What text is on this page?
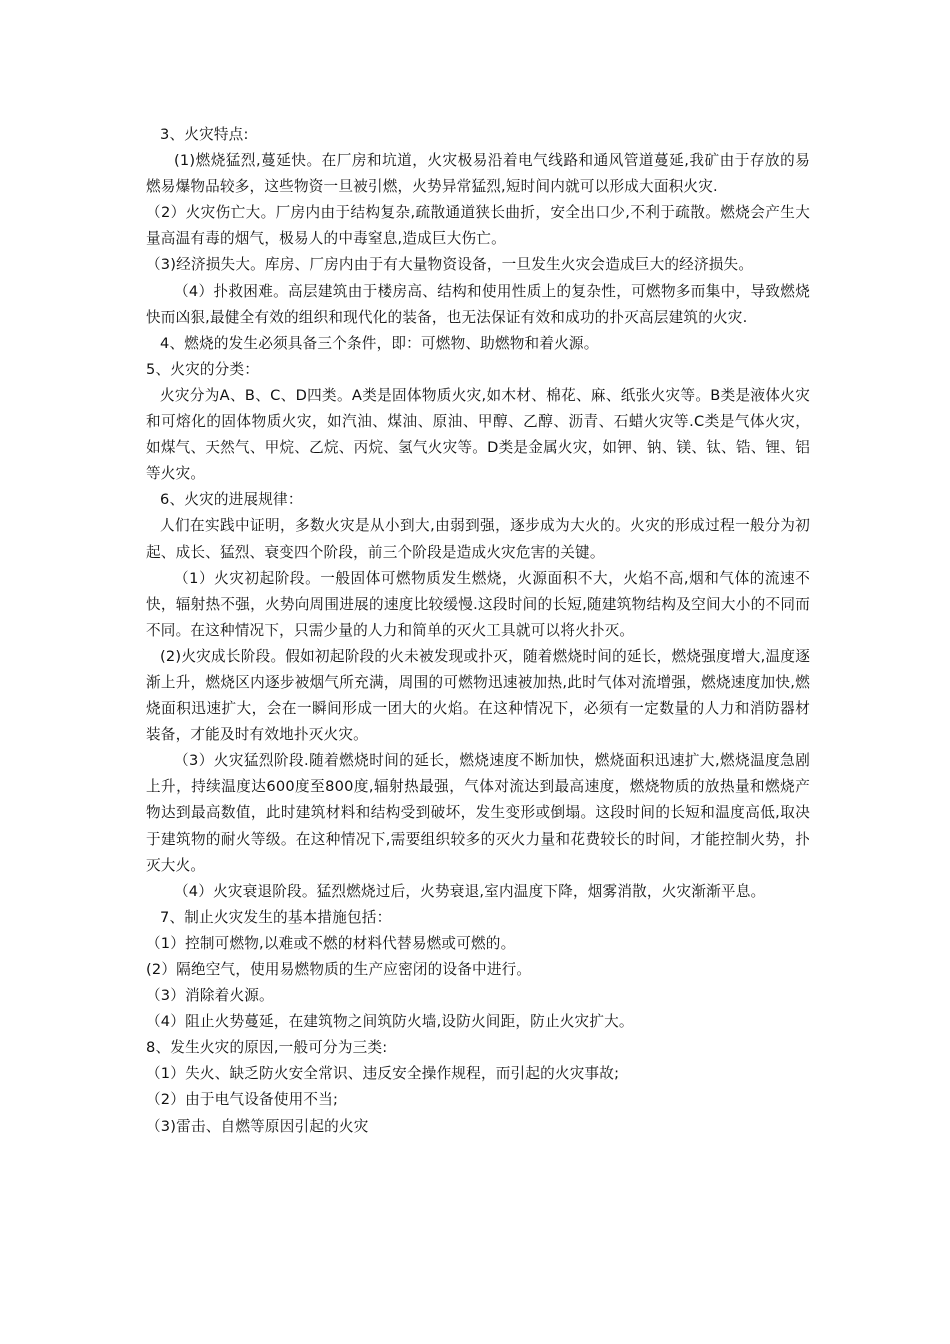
3、火灾特点:

(1)燃烧猛烈,蔓延快。在厂房和坑道，火灾极易沿着电气线路和通风管道蔓延,我矿由于存放的易燃易爆物品较多，这些物资一旦被引燃，火势异常猛烈,短时间内就可以形成大面积火灾.

（2）火灾伤亡大。厂房内由于结构复杂,疏散通道狭长曲折，安全出口少,不利于疏散。燃烧会产生大量高温有毒的烟气，极易人的中毒窒息,造成巨大伤亡。

（3)经济损失大。库房、厂房内由于有大量物资设备，一旦发生火灾会造成巨大的经济损失。

（4）扑救困难。高层建筑由于楼房高、结构和使用性质上的复杂性，可燃物多而集中，导致燃烧快而凶狠,最健全有效的组织和现代化的装备，也无法保证有效和成功的扑灭高层建筑的火灾.

4、燃烧的发生必须具备三个条件，即：可燃物、助燃物和着火源。

5、火灾的分类：

火灾分为A、B、C、D四类。A类是固体物质火灾,如木材、棉花、麻、纸张火灾等。B类是液体火灾和可熔化的固体物质火灾，如汽油、煤油、原油、甲醇、乙醇、沥青、石蜡火灾等.C类是气体火灾，如煤气、天然气、甲烷、乙烷、丙烷、氢气火灾等。D类是金属火灾，如钾、钠、镁、钛、锆、锂、铝等火灾。

6、火灾的进展规律：

人们在实践中证明，多数火灾是从小到大,由弱到强，逐步成为大火的。火灾的形成过程一般分为初起、成长、猛烈、衰变四个阶段，前三个阶段是造成火灾危害的关键。

（1）火灾初起阶段。一般固体可燃物质发生燃烧，火源面积不大，火焰不高,烟和气体的流速不快，辐射热不强，火势向周围进展的速度比较缓慢.这段时间的长短,随建筑物结构及空间大小的不同而不同。在这种情况下，只需少量的人力和简单的灭火工具就可以将火扑灭。

(2)火灾成长阶段。假如初起阶段的火未被发现或扑灭，随着燃烧时间的延长，燃烧强度增大,温度逐渐上升，燃烧区内逐步被烟气所充满，周围的可燃物迅速被加热,此时气体对流增强，燃烧速度加快,燃烧面积迅速扩大，会在一瞬间形成一团大的火焰。在这种情况下，必须有一定数量的人力和消防器材装备，才能及时有效地扑灭火灾。

（3）火灾猛烈阶段.随着燃烧时间的延长，燃烧速度不断加快，燃烧面积迅速扩大,燃烧温度急剧上升，持续温度达600度至800度,辐射热最强，气体对流达到最高速度，燃烧物质的放热量和燃烧产物达到最高数值，此时建筑材料和结构受到破坏，发生变形或倒塌。这段时间的长短和温度高低,取决于建筑物的耐火等级。在这种情况下,需要组织较多的灭火力量和花费较长的时间，才能控制火势，扑灭大火。

（4）火灾衰退阶段。猛烈燃烧过后，火势衰退,室内温度下降，烟雾消散，火灾渐渐平息。

7、制止火灾发生的基本措施包括：

（1）控制可燃物,以难或不燃的材料代替易燃或可燃的。

(2）隔绝空气，使用易燃物质的生产应密闭的设备中进行。

（3）消除着火源。

（4）阻止火势蔓延，在建筑物之间筑防火墙,设防火间距，防止火灾扩大。

8、发生火灾的原因,一般可分为三类:

（1）失火、缺乏防火安全常识、违反安全操作规程，而引起的火灾事故;

（2）由于电气设备使用不当;

（3)雷击、自燃等原因引起的火灾
